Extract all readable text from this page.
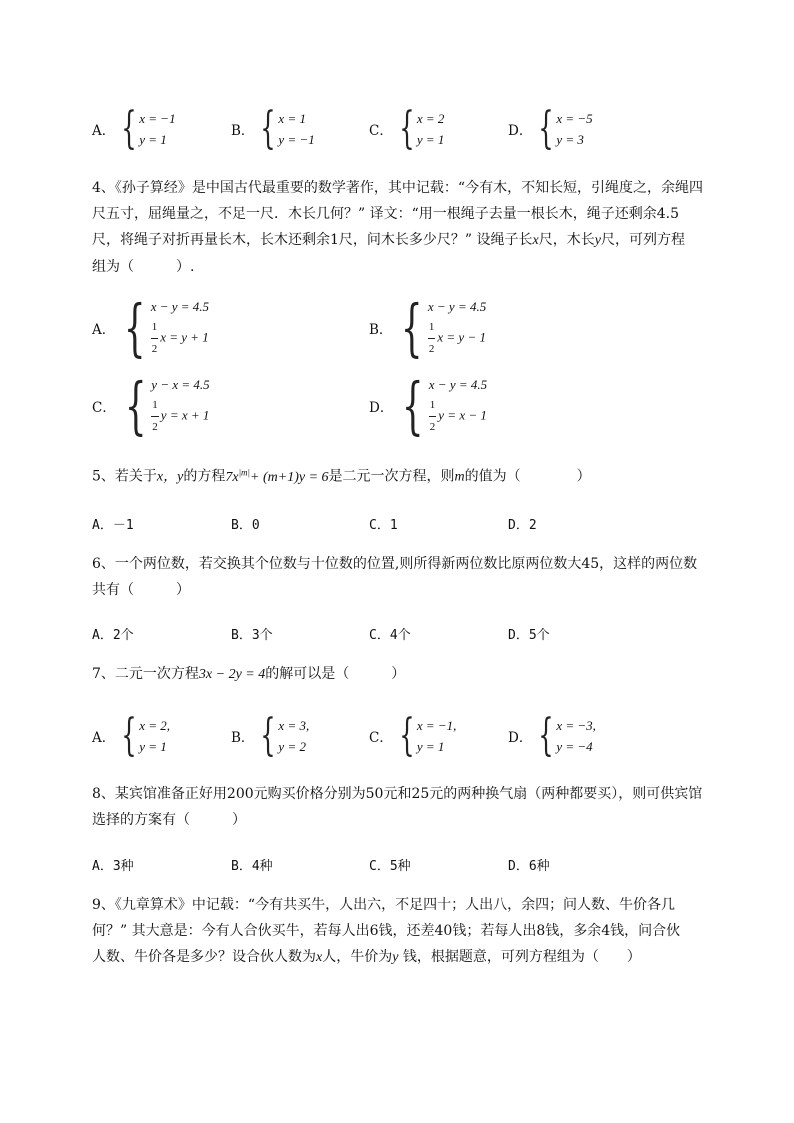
A． { x = −1
y = 1
B． { x = 1
y = −1
C． { x = 2
y = 1
D． { x = −5
y = 3
4、《孙子算经》是中国古代最重要的数学著作，其中记载：“今有木，不知长短，引绳度之，余绳四
尺五寸，屈绳量之，不足一尺．木长几何？” 译文：“用一根绳子去量一根长木，绳子还剩余4.5
尺，将绳子对折再量长木，长木还剩余1尺，问木长多少尺？” 设绳子长x尺，木长y尺，可列方程
组为（　　　）.
A． { x − y = 4.5
$\frac{1}{2}$ x = y + 1	B． { x − y = 4.5
$\frac{1}{2}$ x = y − 1
C． { y − x = 4.5
$\frac{1}{2}$ y = x + 1	D． { x − y = 4.5
$\frac{1}{2}$ y = x − 1
5、若关于x，y的方程$7x^{|m|}+ (m+1)y = 6$是二元一次方程，则m的值为（　　　　）
A．－1	B．0	C．1	D．2
6、一个两位数，若交换其个位数与十位数的位置,则所得新两位数比原两位数大45，这样的两位数
共有（　　　）
A．2个	B．3个	C．4个	D．5个
7、二元一次方程3x − 2y = 4的解可以是（　　　）
A． { x = 2,
y = 1
B． { x = 3,
y = 2
C． { x = −1,
y = 1
D． { x = −3,
y = −4
8、某宾馆准备正好用200元购买价格分别为50元和25元的两种换气扇（两种都要买），则可供宾馆
选择的方案有（　　　）
A．3种	B．4种	C．5种	D．6种
9、《九章算术》中记载：“今有共买牛，人出六，不足四十；人出八，余四；问人数、牛价各几
何？” 其大意是：今有人合伙买牛，若每人出6钱，还差40钱；若每人出8钱，多余4钱，问合伙
人数、牛价各是多少？设合伙人数为x人，牛价为y 钱，根据题意，可列方程组为（　　）
